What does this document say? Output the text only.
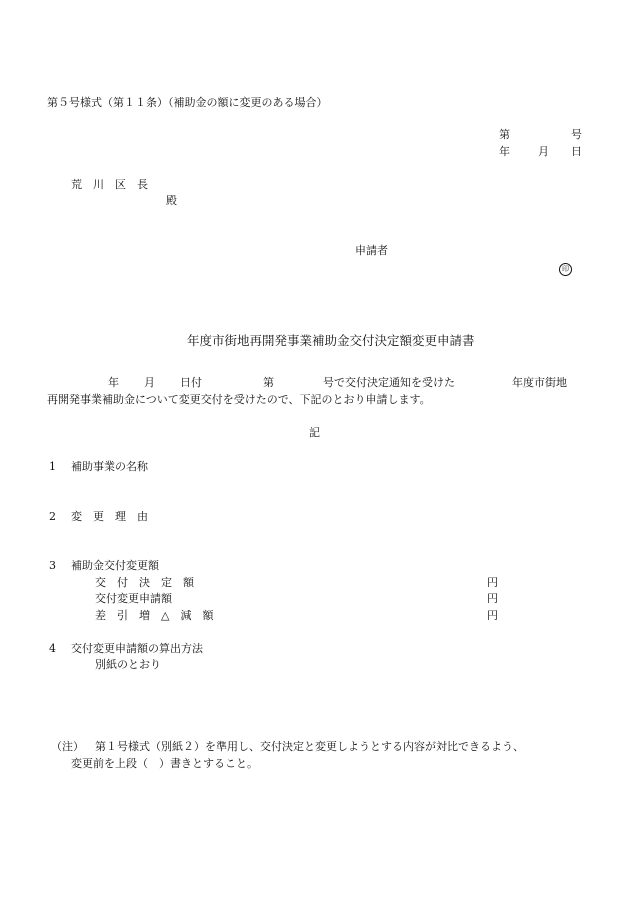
第５号様式（第１１条）（補助金の額に変更のある場合）
第	号
年	月 日
荒　川　区　長
殿
申請者
印
年度市街地再開発事業補助金交付決定額変更申請書
年 月 日付	第	号で交付決定通知を受けた	年度市街地
再開発事業補助金について変更交付を受けたので、下記のとおり申請します。
記
1 補助事業の名称
2 変　更　理　由
3 補助金交付変更額
交　付　決　定　額	円
交付変更申請額	円
差　引　増　△　減　額	円
4 交付変更申請額の算出方法
別紙のとおり
（注） 第１号様式（別紙２）を準用し、交付決定と変更しようとする内容が対比できるよう、
変更前を上段（　）書きとすること。
